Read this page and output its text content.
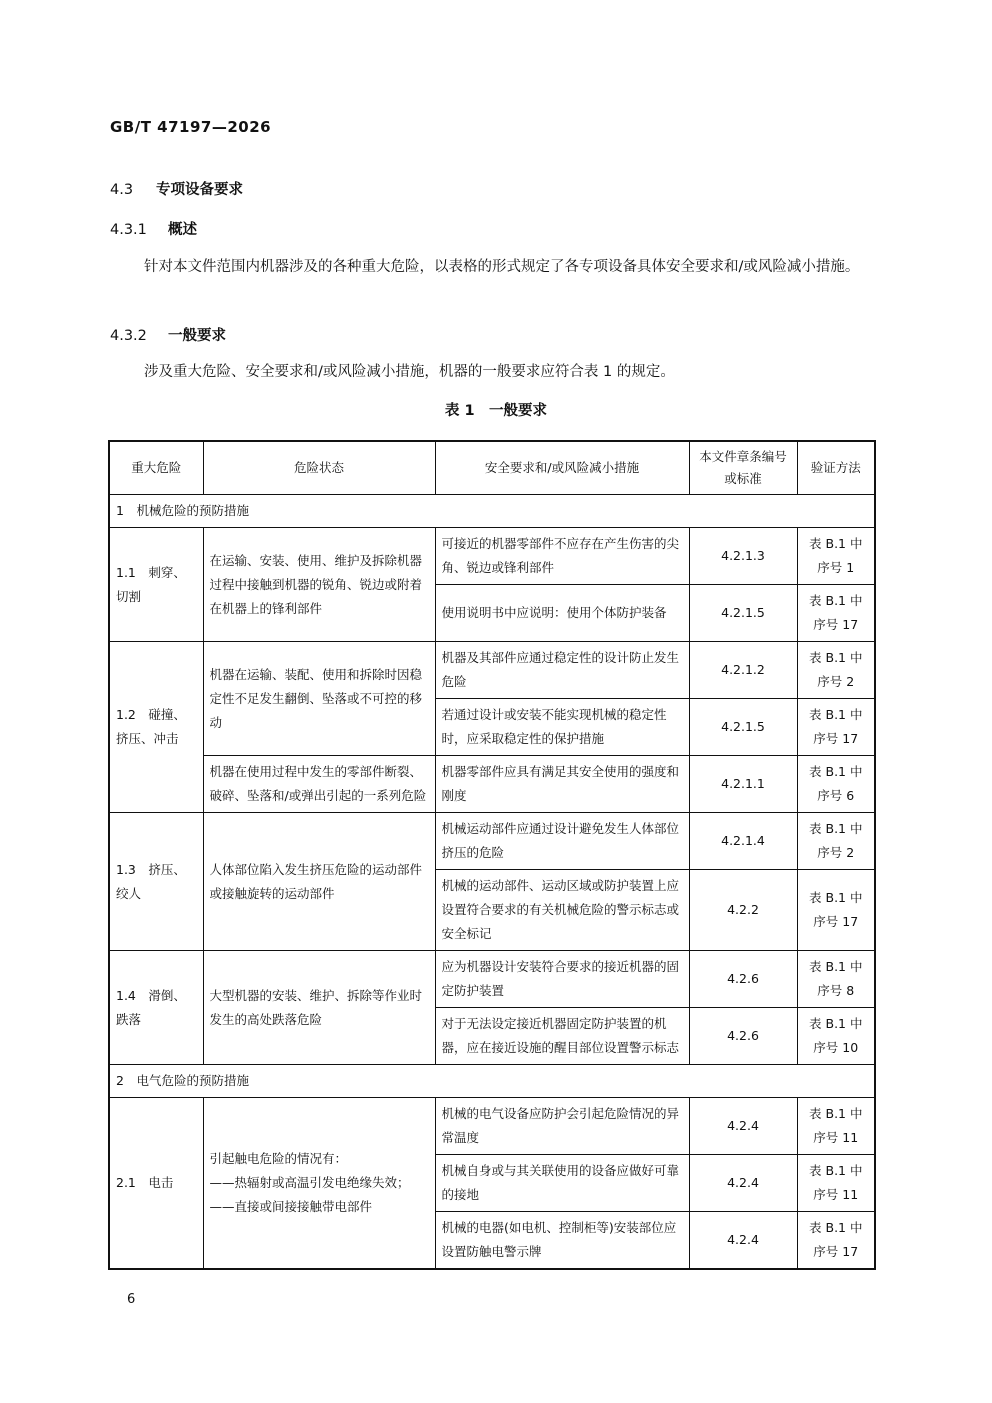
GB/T 47197—2026
4.3 专项设备要求
4.3.1 概述
针对本文件范围内机器涉及的各种重大危险，以表格的形式规定了各专项设备具体安全要求和/或风险减小措施。
4.3.2 一般要求
涉及重大危险、安全要求和/或风险减小措施，机器的一般要求应符合表 1 的规定。
表 1　一般要求
重大危险	危险状态	安全要求和/或风险减小措施	本文件章条编号或标准	验证方法
1　机械危险的预防措施				
1.1　刺穿、切割	在运输、安装、使用、维护及拆除机器过程中接触到机器的锐角、锐边或附着在机器上的锋利部件	可接近的机器零部件不应存在产生伤害的尖角、锐边或锋利部件	4.2.1.3	表 B.1 中序号 1
		使用说明书中应说明：使用个体防护装备	4.2.1.5	表 B.1 中序号 17
1.2　碰撞、挤压、冲击	机器在运输、装配、使用和拆除时因稳定性不足发生翻倒、坠落或不可控的移动	机器及其部件应通过稳定性的设计防止发生危险	4.2.1.2	表 B.1 中序号 2
		若通过设计或安装不能实现机械的稳定性时，应采取稳定性的保护措施	4.2.1.5	表 B.1 中序号 17
	机器在使用过程中发生的零部件断裂、破碎、坠落和/或弹出引起的一系列危险	机器零部件应具有满足其安全使用的强度和刚度	4.2.1.1	表 B.1 中序号 6
1.3　挤压、绞人	人体部位陷入发生挤压危险的运动部件或接触旋转的运动部件	机械运动部件应通过设计避免发生人体部位挤压的危险	4.2.1.4	表 B.1 中序号 2
		机械的运动部件、运动区域或防护装置上应设置符合要求的有关机械危险的警示标志或安全标记	4.2.2	表 B.1 中序号 17
1.4　滑倒、跌落	大型机器的安装、维护、拆除等作业时发生的高处跌落危险	应为机器设计安装符合要求的接近机器的固定防护装置	4.2.6	表 B.1 中序号 8
		对于无法设定接近机器固定防护装置的机器，应在接近设施的醒目部位设置警示标志	4.2.6	表 B.1 中序号 10
2　电气危险的预防措施				
2.1　电击	引起触电危险的情况有：
——热辐射或高温引发电绝缘失效；
——直接或间接接触带电部件	机械的电气设备应防护会引起危险情况的异常温度	4.2.4	表 B.1 中序号 11
		机械自身或与其关联使用的设备应做好可靠的接地	4.2.4	表 B.1 中序号 11
		机械的电器(如电机、控制柜等)安装部位应设置防触电警示牌	4.2.4	表 B.1 中序号 17
6
